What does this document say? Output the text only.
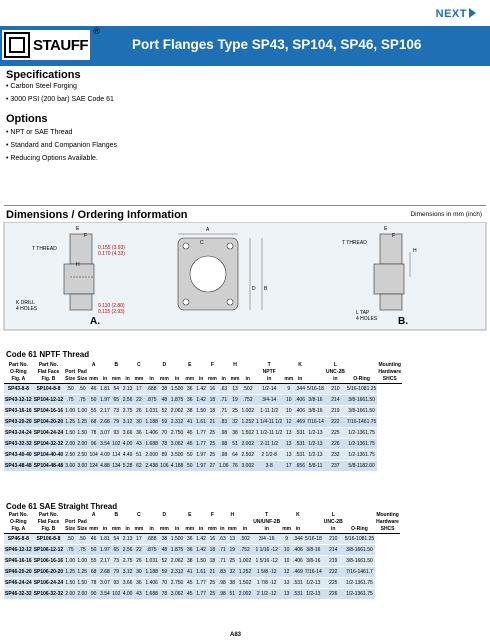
NEXT
STAUFF
®
Port Flanges Type SP43, SP104, SP46, SP106
Specifications
• Carbon Steel Forging
• 3000 PSI (200 bar) SAE Code 61
Options
• NPT or SAE Thread
• Standard and Companion Flanges
• Reducing Options Available.
Dimensions / Ordering Information	Dimensions in mm (inch)
T THREAD
E
F
H
0.155 (3.93)
0.170 (4.33)
0.110 (2.80)
0.115 (2.93)
K DRILL
4 HOLES
A.
A
C
D B
T THREAD
E
F
H
L TAP
4 HOLES B.
Code 61 NPTF Thread
Part No.	Part No.			A		B		C		D		E		F		H		T		K		L		Mounting
O-Ring	Flat Face	Port	Pad															NPTF				UNC-2B		Hardware
Fig. A	Fig. B	Size	Size	mm	in	mm	in	mm	in	mm	in	mm	in	mm	in	mm	in	in	mm	in		in	O-Ring	SHCS
SP43-8-8	SP104-8-8	.50	.50	46	1.81	54	2.13	17	.688	38	1.500	36	1.42	16	.63	13	.502	1/2-14	9	.344	5/16-18	210	5/16-1081.25	
SP43-12-12	SP104-12-12	.75	.75	50	1.97	65	2.56	22	.875	48	1.875	36	1.42	18	.71	19	.752	3/4-14	10	.406	3/8-16	214	3/8-1661.50	
SP43-16-16	SP104-16-16	1.00	1.00	55	2.17	73	2.75	26	1.031	52	2.062	38	1.50	18	.71	25	1.002	1-11 1/2	10	.406	3/8-16	219	3/8-1661.50	
SP43-20-20	SP104-20-20	1.25	1.25	68	2.68	79	3.12	30	1.188	59	2.312	41	1.61	21	.83	32	1.252	1 1/4-11 1/2	12	.469	7/16-14	222	7/16-1461.75	
SP43-24-24	SP104-24-24	1.50	1.50	78	3.07	93	3.66	36	1.406	70	2.750	45	1.77	25	.98	38	1.502	1 1/2-11 1/2	13	.531	1/2-13	225	1/2-1361.75	
SP43-32-32	SP104-32-32	2.00	2.00	96	3.54	102	4.00	43	1.688	78	3.062	45	1.77	25	.98	51	2.002	2-11 1/2	13	.531	1/2-13	226	1/2-1361.75	
SP43-40-40	SP104-40-40	2.50	2.50	104	4.09	114	4.49	51	2.000	89	3.500	50	1.97	25	.98	64	2.502	2 1/2-8	13	.531	1/2-13	232	1/2-1361.75	
SP43-48-48	SP104-48-48	3.00	3.00	124	4.88	134	5.28	62	2.438	106	4.188	50	1.97	27	1.06	76	3.002	3-8	17	.656	5/8-11	237	5/8-1182.00	
Code 61 SAE Straight Thread
Part No.	Part No.			A		B		C		D		E		F		H		T		K		L		Mounting
O-Ring	Flat Face	Port	Pad															UN/UNF-2B				UNC-2B		Hardware
Fig. A	Fig. B	Size	Size	mm	in	mm	in	mm	in	mm	in	mm	in	mm	in	mm	in	in	mm	in		in	O-Ring	SHCS
SP46-8-8	SP106-8-8	.50	.50	46	1.81	54	2.13	17	.688	38	1.500	36	1.42	16	.63	13	.502	3/4 -16	9	.344	5/16-18	210	5/16-1081.25	
SP46-12-12	SP106-12-12	.75	.75	50	1.97	65	2.56	22	.875	48	1.875	36	1.42	18	.71	19	.752	1 1/16 -12	10	.406	3/8-16	214	3/8-1661.50	
SP46-16-16	SP106-16-16	1.00	1.00	55	2.17	73	2.75	26	1.031	52	2.062	38	1.50	18	.71	25	1.002	1 5/16 -12	10	.406	3/8-16	219	3/8-1661.50	
SP46-20-20	SP106-20-20	1.25	1.25	68	2.68	79	3.12	30	1.188	59	2.312	41	1.61	21	.83	32	1.252	1 5/8 -12	12	.469	7/16-14	222	7/16-1461.7	
SP46-24-24	SP106-24-24	1.50	1.50	78	3.07	93	3.66	36	1.406	70	2.750	45	1.77	25	.98	38	1.502	1 7/8 -12	13	.531	1/2-13	225	1/2-1361.75	
SP46-32-32	SP106-32-32	2.00	2.00	90	3.54	102	4.00	43	1.688	78	3.062	45	1.77	25	.98	51	2.002	2 1/2 -12	13	.531	1/2-13	226	1/2-1361.75	
A83
